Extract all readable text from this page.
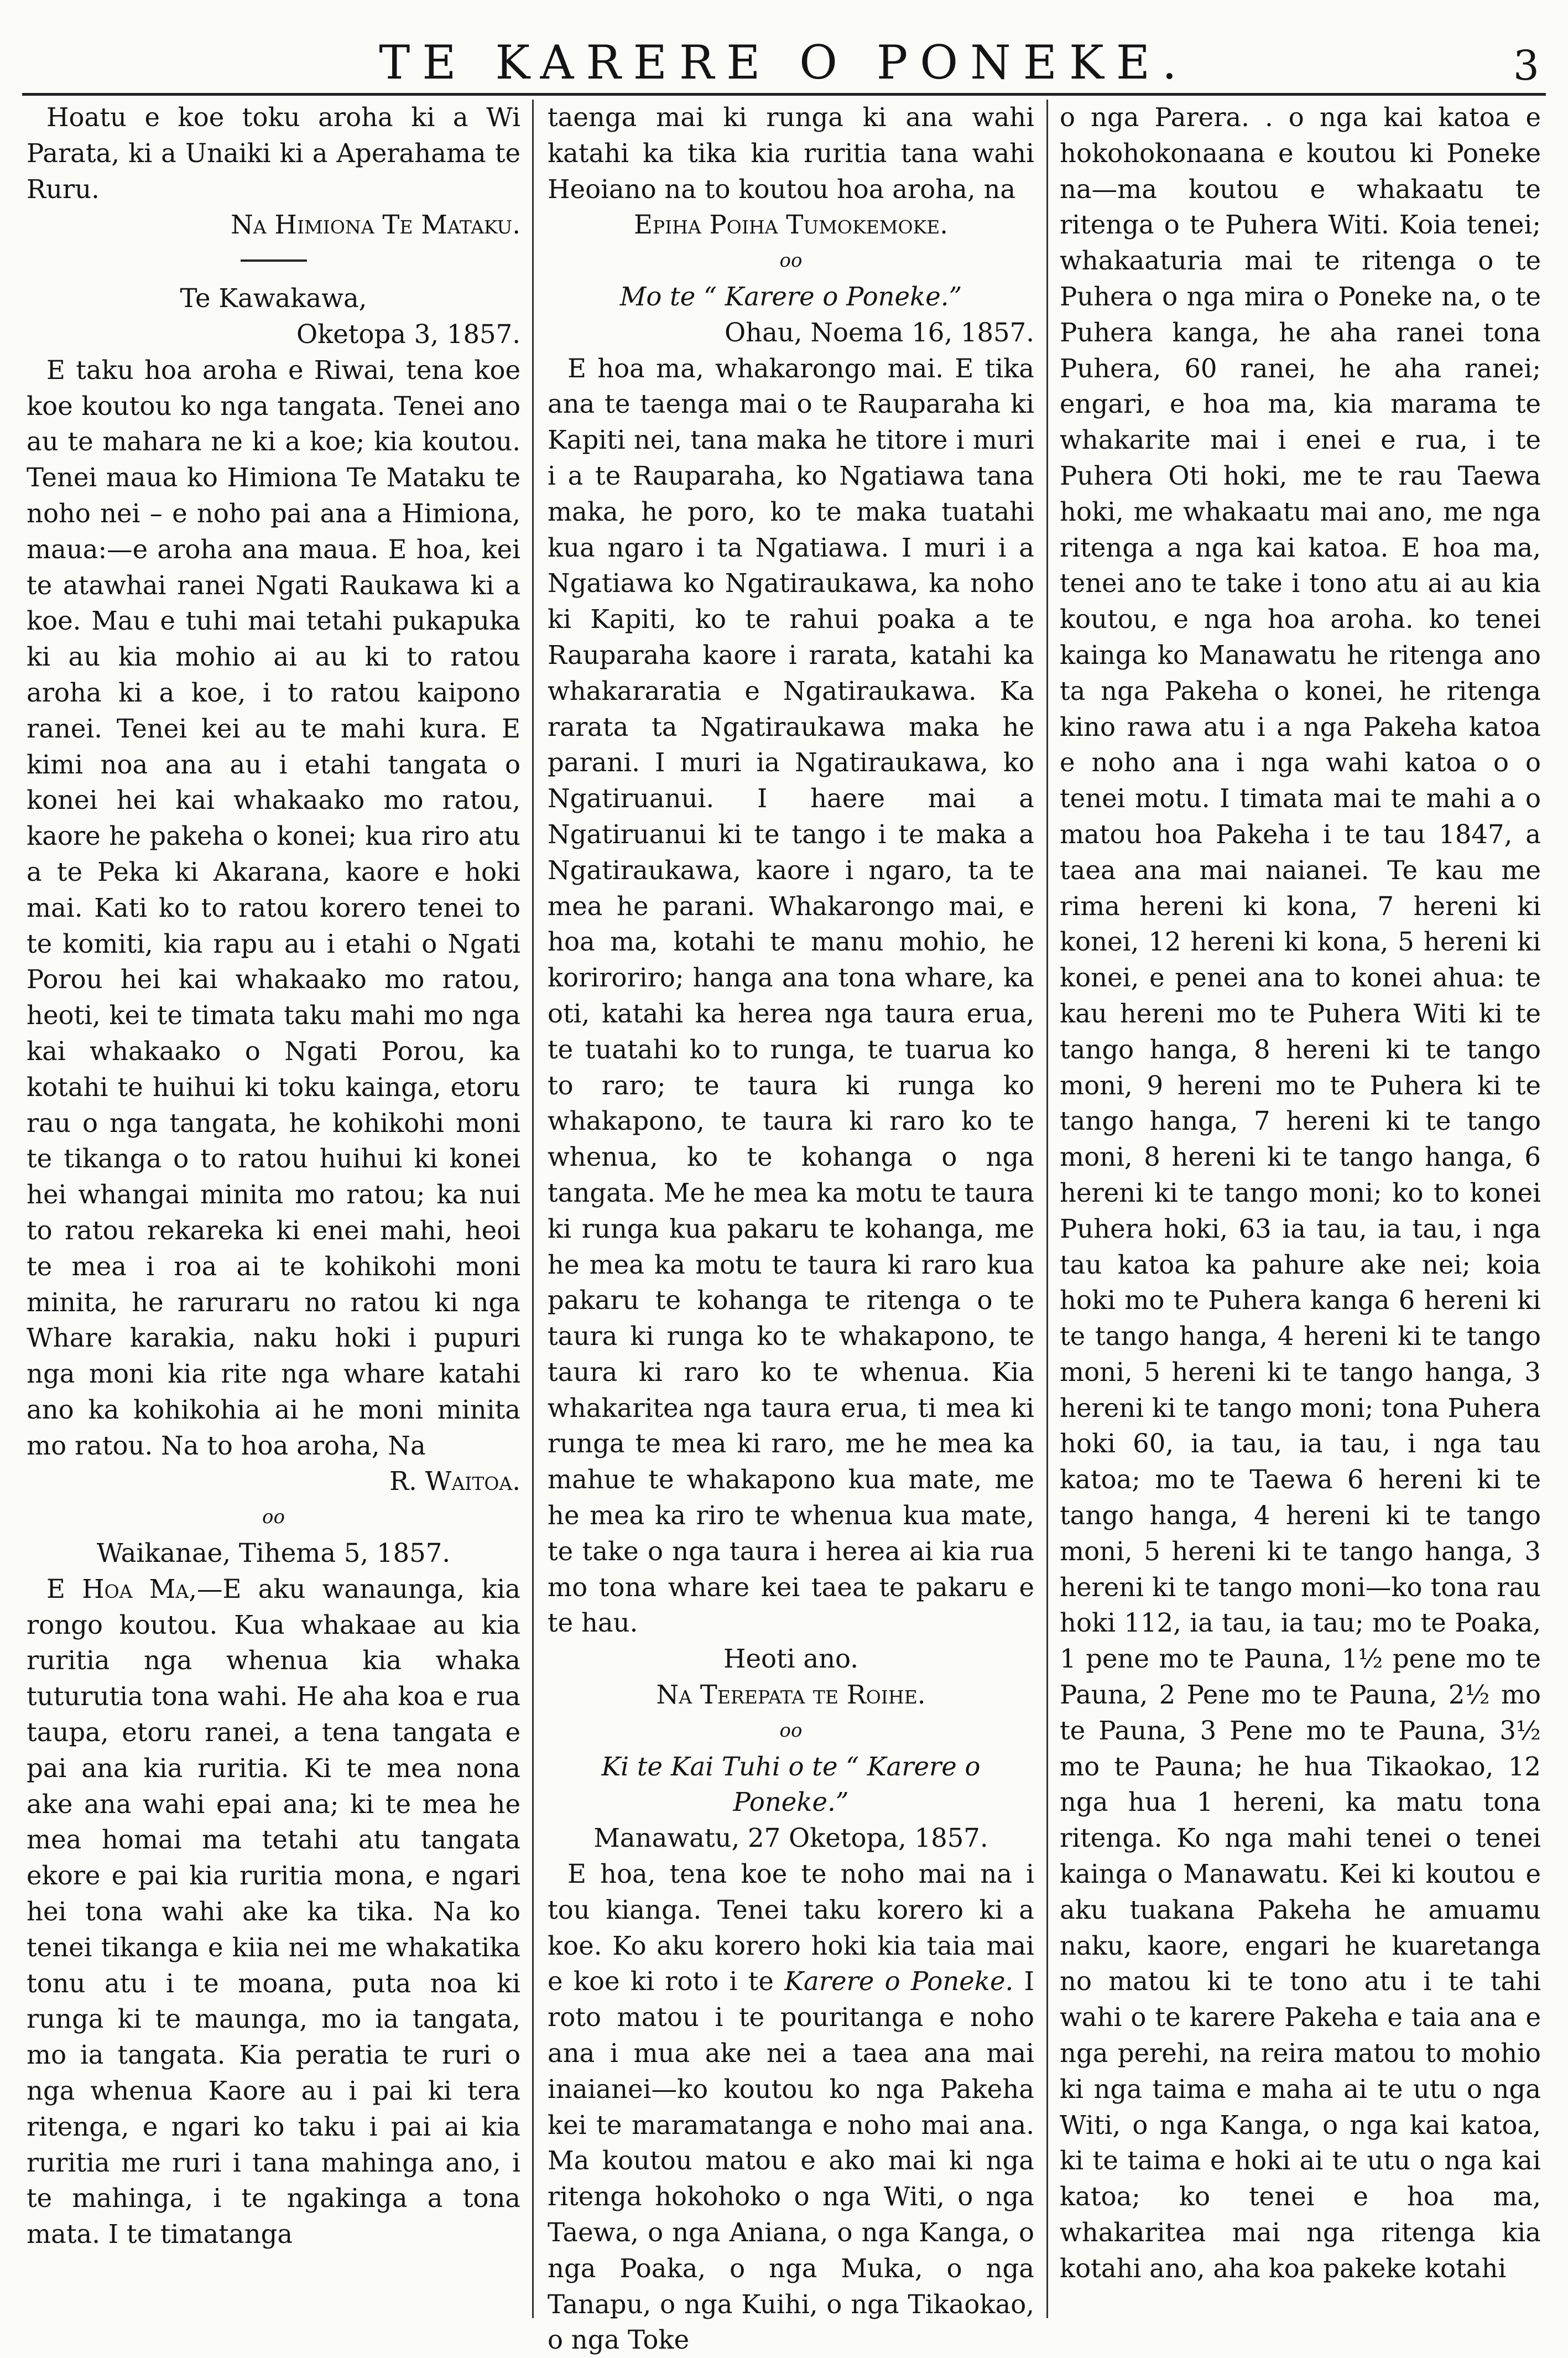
TE KARERE O PONEKE.	3

Hoatu e koe toku aroha ki a Wi Parata, ki a Unaiki ki a Aperahama te Ruru.

Na Himiona Te Mataku.

Te Kawakawa,

Oketopa 3, 1857.

E taku hoa aroha e Riwai, tena koe koe koutou ko nga tangata. Tenei ano au te mahara ne ki a koe; kia koutou. Tenei maua ko Himiona Te Mataku te noho nei – e noho pai ana a Himiona, maua:—e aroha ana maua. E hoa, kei te atawhai ranei Ngati Raukawa ki a koe. Mau e tuhi mai tetahi pukapuka ki au kia mohio ai au ki to ratou aroha ki a koe, i to ratou kaipono ranei. Tenei kei au te mahi kura. E kimi noa ana au i etahi tangata o konei hei kai whakaako mo ratou, kaore he pakeha o konei; kua riro atu a te Peka ki Akarana, kaore e hoki mai. Kati ko to ratou korero tenei to te komiti, kia rapu au i etahi o Ngati Porou hei kai whakaako mo ratou, heoti, kei te timata taku mahi mo nga kai whakaako o Ngati Porou, ka kotahi te huihui ki toku kainga, etoru rau o nga tangata, he kohikohi moni te tikanga o to ratou huihui ki konei hei whangai minita mo ratou; ka nui to ratou rekareka ki enei mahi, heoi te mea i roa ai te kohikohi moni minita, he raruraru no ratou ki nga Whare karakia, naku hoki i pupuri nga moni kia rite nga whare katahi ano ka kohikohia ai he moni minita mo ratou. Na to hoa aroha, Na

R. Waitoa.

oo

Waikanae, Tihema 5, 1857.

E Hoa Ma,—E aku wanaunga, kia rongo koutou. Kua whakaae au kia ruritia nga whenua kia whaka tuturutia tona wahi. He aha koa e rua taupa, etoru ranei, a tena tangata e pai ana kia ruritia. Ki te mea nona ake ana wahi epai ana; ki te mea he mea homai ma tetahi atu tangata ekore e pai kia ruritia mona, e ngari hei tona wahi ake ka tika. Na ko tenei tikanga e kiia nei me whakatika tonu atu i te moana, puta noa ki runga ki te maunga, mo ia tangata, mo ia tangata. Kia peratia te ruri o nga whenua Kaore au i pai ki tera ritenga, e ngari ko taku i pai ai kia ruritia me ruri i tana mahinga ano, i te mahinga, i te ngakinga a tona mata. I te timatanga

taenga mai ki runga ki ana wahi katahi ka tika kia ruritia tana wahi Heoiano na to koutou hoa aroha, na

Epiha Poiha Tumokemoke.

oo

Mo te “ Karere o Poneke.”

Ohau, Noema 16, 1857.

E hoa ma, whakarongo mai. E tika ana te taenga mai o te Rauparaha ki Kapiti nei, tana maka he titore i muri i a te Rauparaha, ko Ngatiawa tana maka, he poro, ko te maka tuatahi kua ngaro i ta Ngatiawa. I muri i a Ngatiawa ko Ngatiraukawa, ka noho ki Kapiti, ko te rahui poaka a te Rauparaha kaore i rarata, katahi ka whakararatia e Ngatiraukawa. Ka rarata ta Ngatiraukawa maka he parani. I muri ia Ngatiraukawa, ko Ngatiruanui. I haere mai a Ngatiruanui ki te tango i te maka a Ngatiraukawa, kaore i ngaro, ta te mea he parani. Whakarongo mai, e hoa ma, kotahi te manu mohio, he koriroriro; hanga ana tona whare, ka oti, katahi ka herea nga taura erua, te tuatahi ko to runga, te tuarua ko to raro; te taura ki runga ko whakapono, te taura ki raro ko te whenua, ko te kohanga o nga tangata. Me he mea ka motu te taura ki runga kua pakaru te kohanga, me he mea ka motu te taura ki raro kua pakaru te kohanga te ritenga o te taura ki runga ko te whakapono, te taura ki raro ko te whenua. Kia whakaritea nga taura erua, ti mea ki runga te mea ki raro, me he mea ka mahue te whakapono kua mate, me he mea ka riro te whenua kua mate, te take o nga taura i herea ai kia rua mo tona whare kei taea te pakaru e te hau.

Heoti ano.

Na Terepata te Roihe.

oo

Ki te Kai Tuhi o te “ Karere o Poneke.”

Manawatu, 27 Oketopa, 1857.

E hoa, tena koe te noho mai na i tou kianga. Tenei taku korero ki a koe. Ko aku korero hoki kia taia mai e koe ki roto i te Karere o Poneke. I roto matou i te pouritanga e noho ana i mua ake nei a taea ana mai inaianei—ko koutou ko nga Pakeha kei te maramatanga e noho mai ana. Ma koutou matou e ako mai ki nga ritenga hokohoko o nga Witi, o nga Taewa, o nga Aniana, o nga Kanga, o nga Poaka, o nga Muka, o nga Tanapu, o nga Kuihi, o nga Tikaokao, o nga Toke

o nga Parera. . o nga kai katoa e hokohokonaana e koutou ki Poneke na—ma koutou e whakaatu te ritenga o te Puhera Witi. Koia tenei; whakaaturia mai te ritenga o te Puhera o nga mira o Poneke na, o te Puhera kanga, he aha ranei tona Puhera, 60 ranei, he aha ranei; engari, e hoa ma, kia marama te whakarite mai i enei e rua, i te Puhera Oti hoki, me te rau Taewa hoki, me whakaatu mai ano, me nga ritenga a nga kai katoa. E hoa ma, tenei ano te take i tono atu ai au kia koutou, e nga hoa aroha. ko tenei kainga ko Manawatu he ritenga ano ta nga Pakeha o konei, he ritenga kino rawa atu i a nga Pakeha katoa e noho ana i nga wahi katoa o o tenei motu. I timata mai te mahi a o matou hoa Pakeha i te tau 1847, a taea ana mai naianei. Te kau me rima hereni ki kona, 7 hereni ki konei, 12 hereni ki kona, 5 hereni ki konei, e penei ana to konei ahua: te kau hereni mo te Puhera Witi ki te tango hanga, 8 hereni ki te tango moni, 9 hereni mo te Puhera ki te tango hanga, 7 hereni ki te tango moni, 8 hereni ki te tango hanga, 6 hereni ki te tango moni; ko to konei Puhera hoki, 63 ia tau, ia tau, i nga tau katoa ka pahure ake nei; koia hoki mo te Puhera kanga 6 hereni ki te tango hanga, 4 hereni ki te tango moni, 5 hereni ki te tango hanga, 3 hereni ki te tango moni; tona Puhera hoki 60, ia tau, ia tau, i nga tau katoa; mo te Taewa 6 hereni ki te tango hanga, 4 hereni ki te tango moni, 5 hereni ki te tango hanga, 3 hereni ki te tango moni—ko tona rau hoki 112, ia tau, ia tau; mo te Poaka, 1 pene mo te Pauna, 1½ pene mo te Pauna, 2 Pene mo te Pauna, 2½ mo te Pauna, 3 Pene mo te Pauna, 3½ mo te Pauna; he hua Tikaokao, 12 nga hua 1 hereni, ka matu tona ritenga. Ko nga mahi tenei o tenei kainga o Manawatu. Kei ki koutou e aku tuakana Pakeha he amuamu naku, kaore, engari he kuaretanga no matou ki te tono atu i te tahi wahi o te karere Pakeha e taia ana e nga perehi, na reira matou to mohio ki nga taima e maha ai te utu o nga Witi, o nga Kanga, o nga kai katoa, ki te taima e hoki ai te utu o nga kai katoa; ko tenei e hoa ma, whakaritea mai nga ritenga kia kotahi ano, aha koa pakeke kotahi
